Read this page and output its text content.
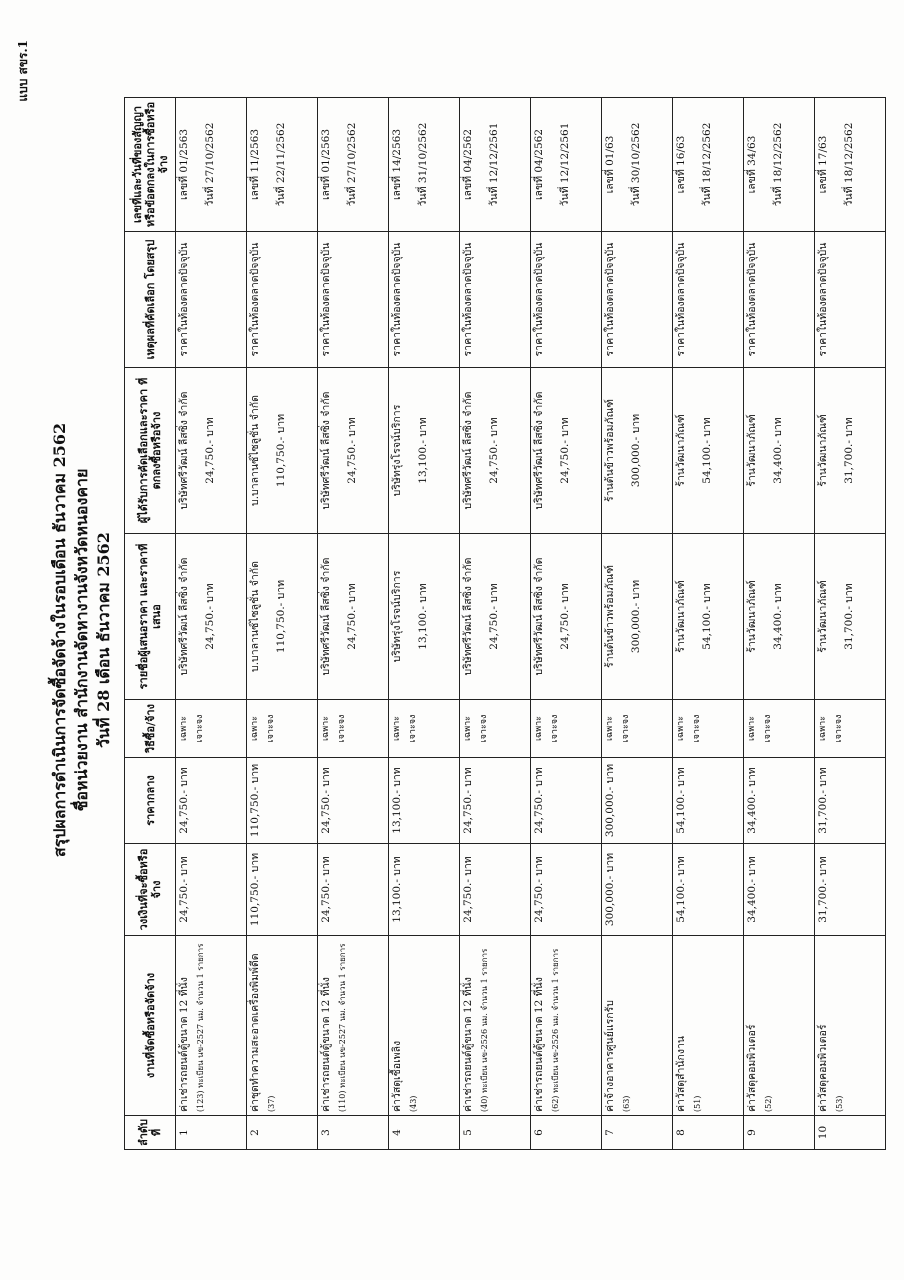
แบบ สขร.1
สรุปผลการดำเนินการจัดซื้อจัดจ้างในรอบเดือน ธันวาคม 2562 ชื่อหน่วยงาน สำนักงานจัดหางานจังหวัดหนองคาย วันที่ 28 เดือน ธันวาคม 2562
ลำดับที่	งานที่จัดซื้อหรือจัดจ้าง	วงเงินที่จะซื้อหรือจ้าง	ราคากลาง	วิธีซื้อ/จ้าง	รายชื่อผู้เสนอราคา และราคาที่เสนอ	ผู้ได้รับการคัดเลือกและราคา ที่ตกลงซื้อหรือจ้าง	เหตุผลที่คัดเลือก โดยสรุป	เลขที่และวันที่ของสัญญา หรือข้อตกลงในการซื้อหรือจ้าง
1	ค่าเช่ารถยนต์ตู้ขนาด 12 ที่นั่ง (123) ทะเบียน นข-2527 นม. จำนวน 1 รายการ	24,750.- บาท	24,750.- บาท	เฉพาะเจาะจง	บริษัทศรีวัฒน์ ลีสซิ่ง จำกัด 24,750.- บาท	บริษัทศรีวัฒน์ ลีสซิ่ง จำกัด 24,750.- บาท	ราคาในท้องตลาดปัจจุบัน	เลขที่ 01/2563 วันที่ 27/10/2562

2	ค่าชุดทำความสะอาดเครื่องพิมพ์ดีด (37)	110,750.- บาท	110,750.- บาท	เฉพาะเจาะจง	บ.บาลานซ์ไซลูชั่น จำกัด 110,750.- บาท	บ.บาลานซ์ไซลูชั่น จำกัด 110,750.- บาท	ราคาในท้องตลาดปัจจุบัน	เลขที่ 11/2563 วันที่ 22/11/2562

3	ค่าเช่ารถยนต์ตู้ขนาด 12 ที่นั่ง (110) ทะเบียน นข-2527 นม. จำนวน 1 รายการ	24,750.- บาท	24,750.- บาท	เฉพาะเจาะจง	บริษัทศรีวัฒน์ ลีสซิ่ง จำกัด 24,750.- บาท	บริษัทศรีวัฒน์ ลีสซิ่ง จำกัด 24,750.- บาท	ราคาในท้องตลาดปัจจุบัน	เลขที่ 01/2563 วันที่ 27/10/2562

4	ค่าวัสดุเชื้อเพลิง (43)	13,100.- บาท	13,100.- บาท	เฉพาะเจาะจง	บริษัทรุ่งโรจน์บริการ 13,100.- บาท	บริษัทรุ่งโรจน์บริการ 13,100.- บาท	ราคาในท้องตลาดปัจจุบัน	เลขที่ 14/2563 วันที่ 31/10/2562

5	ค่าเช่ารถยนต์ตู้ขนาด 12 ที่นั่ง (40) ทะเบียน นข-2526 นม. จำนวน 1 รายการ	24,750.- บาท	24,750.- บาท	เฉพาะเจาะจง	บริษัทศรีวัฒน์ ลีสซิ่ง จำกัด 24,750.- บาท	บริษัทศรีวัฒน์ ลีสซิ่ง จำกัด 24,750.- บาท	ราคาในท้องตลาดปัจจุบัน	เลขที่ 04/2562 วันที่ 12/12/2561

6	ค่าเช่ารถยนต์ตู้ขนาด 12 ที่นั่ง (62) ทะเบียน นข-2526 นม. จำนวน 1 รายการ	24,750.- บาท	24,750.- บาท	เฉพาะเจาะจง	บริษัทศรีวัฒน์ ลีสซิ่ง จำกัด 24,750.- บาท	บริษัทศรีวัฒน์ ลีสซิ่ง จำกัด 24,750.- บาท	ราคาในท้องตลาดปัจจุบัน	เลขที่ 04/2562 วันที่ 12/12/2561

7	ค่าจ้างอาคารศูนย์แรกรับ (63)	300,000.- บาท	300,000.- บาท	เฉพาะเจาะจง	ร้านต้นข้าวพร้อมภัณฑ์ 300,000.- บาท	ร้านต้นข้าวพร้อมภัณฑ์ 300,000.- บาท	ราคาในท้องตลาดปัจจุบัน	เลขที่ 01/63 วันที่ 30/10/2562

8	ค่าวัสดุสำนักงาน (51)	54,100.- บาท	54,100.- บาท	เฉพาะเจาะจง	ร้านวัฒนาภัณฑ์ 54,100.- บาท	ร้านวัฒนาภัณฑ์ 54,100.- บาท	ราคาในท้องตลาดปัจจุบัน	เลขที่ 16/63 วันที่ 18/12/2562

9	ค่าวัสดุคอมพิวเตอร์ (52)	34,400.- บาท	34,400.- บาท	เฉพาะเจาะจง	ร้านวัฒนาภัณฑ์ 34,400.- บาท	ร้านวัฒนาภัณฑ์ 34,400.- บาท	ราคาในท้องตลาดปัจจุบัน	เลขที่ 34/63 วันที่ 18/12/2562

10	ค่าวัสดุคอมพิวเตอร์ (53)	31,700.- บาท	31,700.- บาท	เฉพาะเจาะจง	ร้านวัฒนาภัณฑ์ 31,700.- บาท	ร้านวัฒนาภัณฑ์ 31,700.- บาท	ราคาในท้องตลาดปัจจุบัน	เลขที่ 17/63 วันที่ 18/12/2562
